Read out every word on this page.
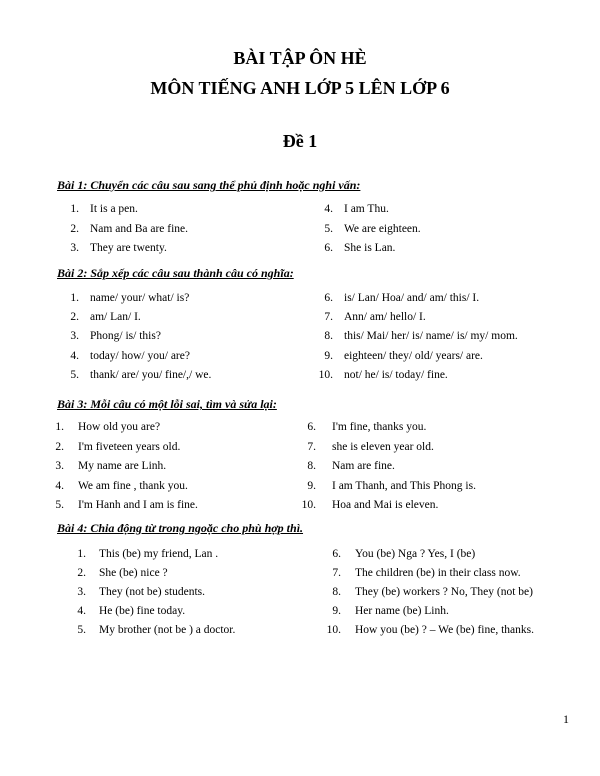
BÀI TẬP ÔN HÈ
MÔN TIẾNG ANH LỚP 5 LÊN LỚP 6
Đề 1
Bài 1: Chuyển các câu sau sang thể phủ định hoặc nghi vấn:
1. It is a pen.
2. Nam and Ba are fine.
3. They are twenty.
4. I am Thu.
5. We are eighteen.
6. She is Lan.
Bài 2: Sắp xếp các câu sau thành câu có nghĩa:
1. name/ your/ what/ is?
2. am/ Lan/ I.
3. Phong/ is/ this?
4. today/ how/ you/ are?
5. thank/ are/ you/ fine/,/ we.
6. is/ Lan/ Hoa/ and/ am/ this/ I.
7. Ann/ am/ hello/ I.
8. this/ Mai/ her/ is/ name/ is/ my/ mom.
9. eighteen/ they/ old/ years/ are.
10. not/ he/ is/ today/ fine.
Bài 3: Mỗi câu có một lỗi sai, tìm và sửa lại:
1. How old you are?
2. I'm fiveteen years old.
3. My name are Linh.
4. We am fine , thank you.
5. I'm Hanh and I am is fine.
6. I'm fine, thanks you.
7. she is eleven year old.
8. Nam are fine.
9. I am Thanh, and This Phong is.
10. Hoa and Mai is eleven.
Bài 4: Chia động từ trong ngoặc cho phù hợp thì.
1. This (be) my friend, Lan .
2. She (be) nice ?
3. They (not be) students.
4. He (be) fine today.
5. My brother (not be ) a doctor.
6. You (be) Nga ? Yes, I (be)
7. The children (be) in their class now.
8. They (be) workers ? No, They (not be)
9. Her name (be) Linh.
10. How you (be) ? – We (be) fine, thanks.
1
